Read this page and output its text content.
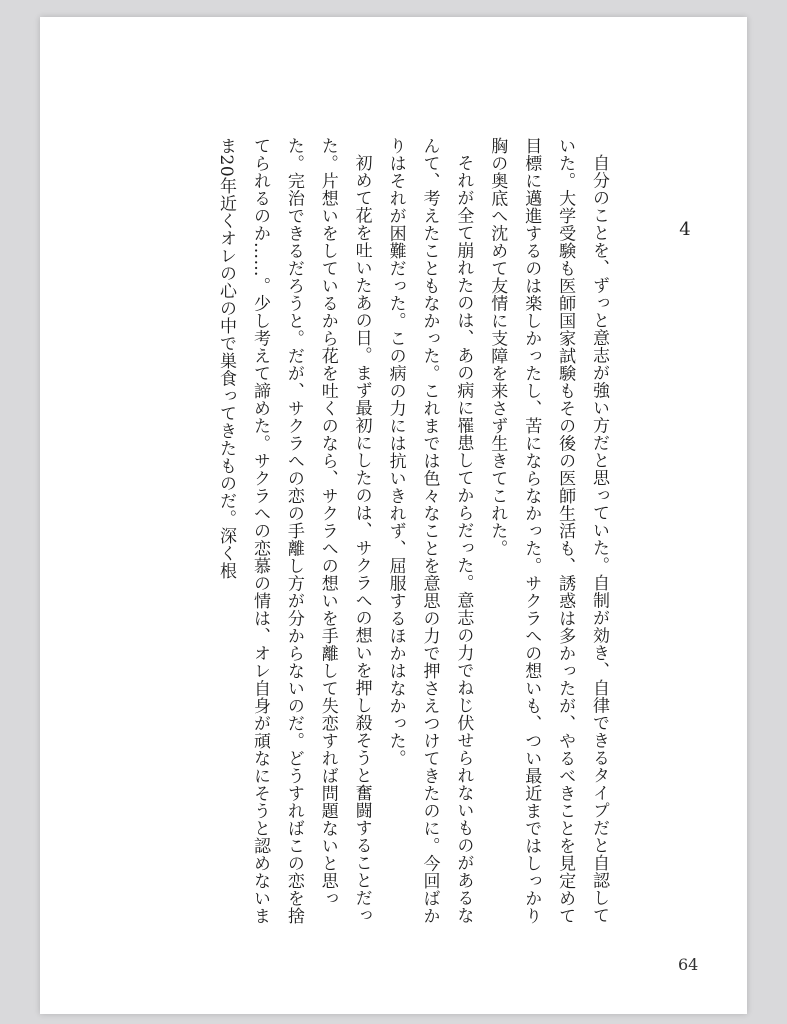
4

自分のことを、ずっと意志が強い方だと思っていた。自制が効き、自律できるタイプだと自認していた。大学受験も医師国家試験もその後の医師生活も、誘惑は多かったが、やるべきことを見定めて目標に邁進するのは楽しかったし、苦にならなかった。サクラへの想いも、つい最近まではしっかり胸の奥底へ沈めて友情に支障を来さず生きてこれた。

それが全て崩れたのは、あの病に罹患してからだった。意志の力でねじ伏せられないものがあるなんて、考えたこともなかった。これまでは色々なことを意思の力で押さえつけてきたのに。今回ばかりはそれが困難だった。この病の力には抗いきれず、屈服するほかはなかった。

初めて花を吐いたあの日。まず最初にしたのは、サクラへの想いを押し殺そうと奮闘することだった。片想いをしているから花を吐くのなら、サクラへの想いを手離して失恋すれば問題ないと思った。完治できるだろうと。だが、サクラへの恋の手離し方が分からないのだ。どうすればこの恋を捨てられるのか……。少し考えて諦めた。サクラへの恋慕の情は、オレ自身が頑なにそうと認めないまま20年近くオレの心の中で巣食ってきたものだ。深く根

64
